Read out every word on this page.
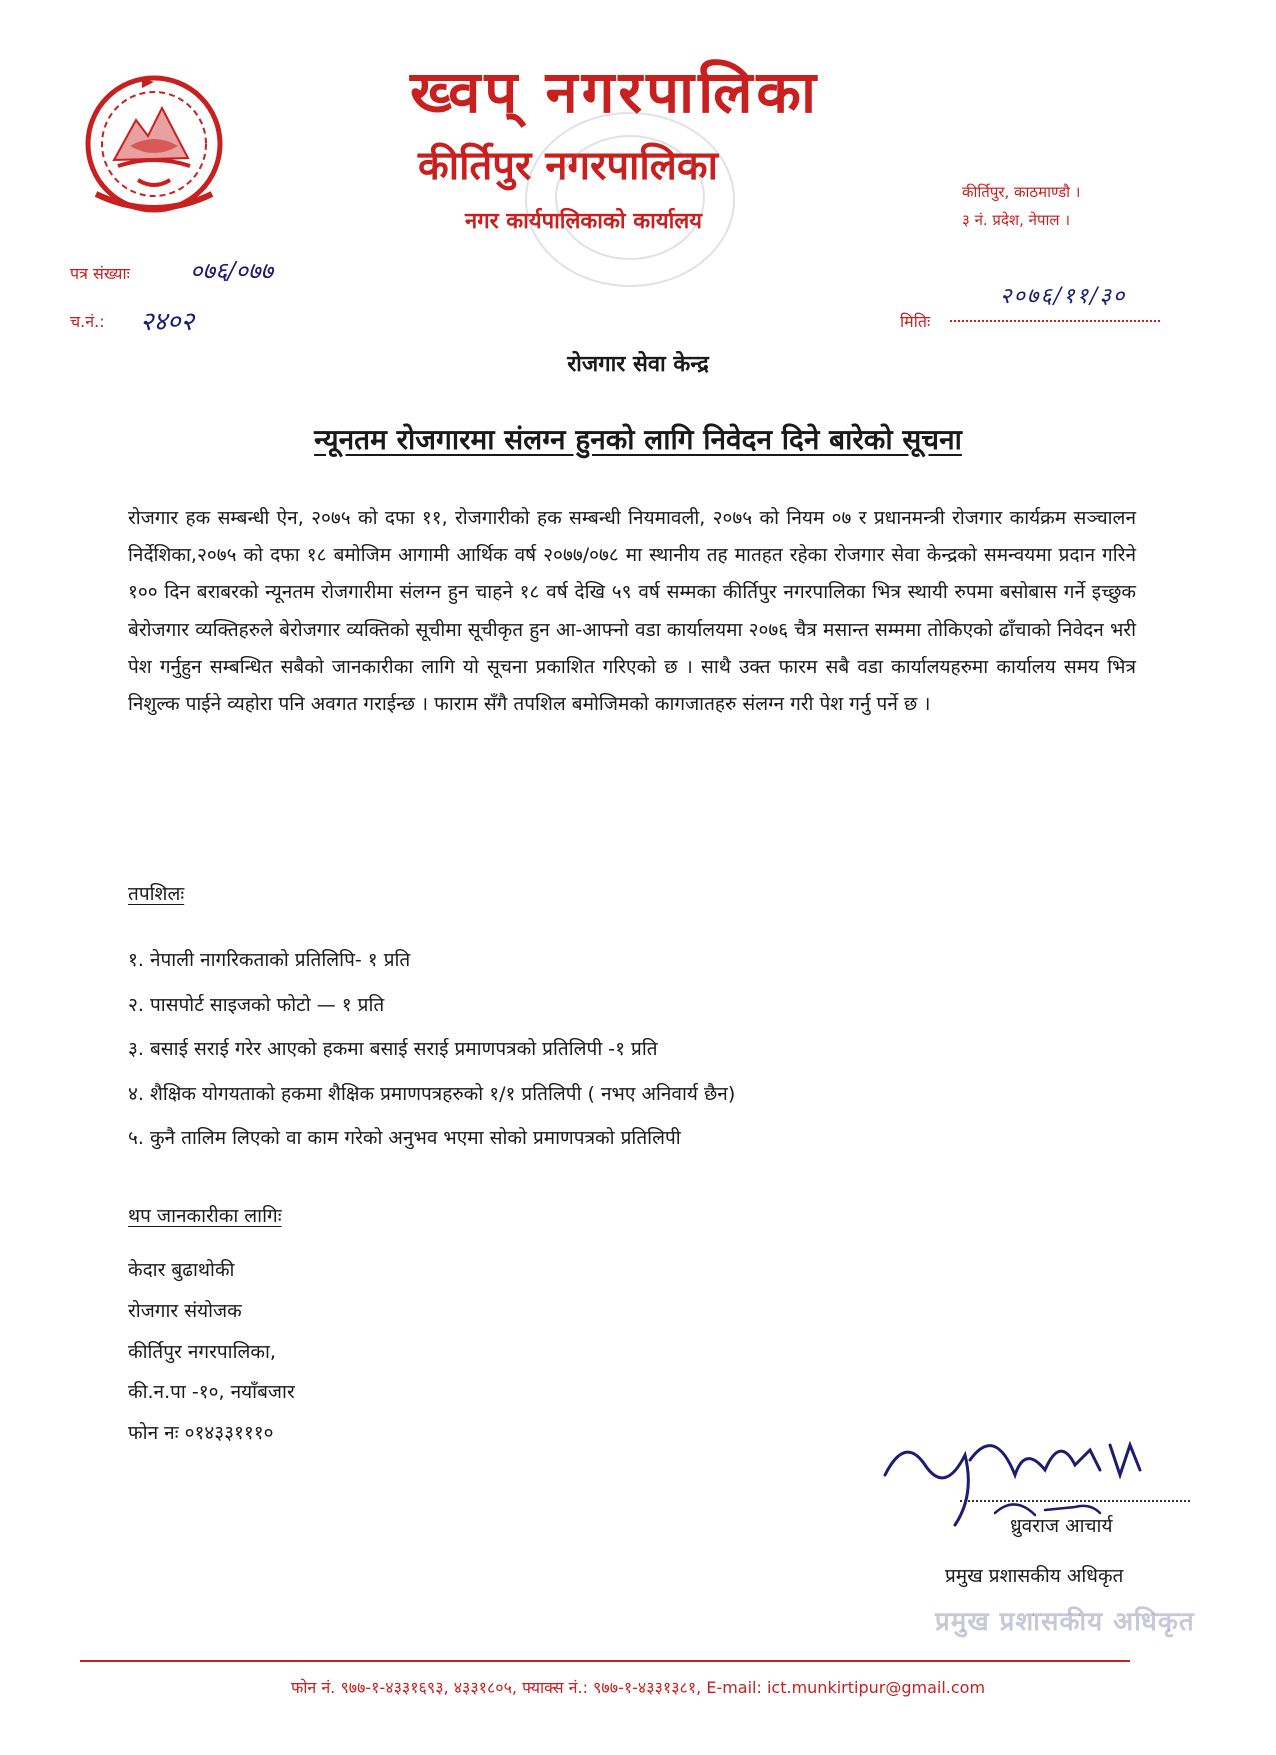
ख्वप् नगरपालिका
कीर्तिपुर नगरपालिका
नगर कार्यपालिकाको कार्यालय
कीर्तिपुर, काठमाण्डौ ।
३ नं. प्रदेश, नेपाल ।
पत्र संख्याः	०७६/०७७
च.नं.: २४०२
२०७६/११/३०
मितिः
रोजगार सेवा केन्द्र
न्यूनतम रोजगारमा संलग्न हुनको लागि निवेदन दिने बारेको सूचना

रोजगार हक सम्बन्धी ऐन, २०७५ को दफा ११, रोजगारीको हक सम्बन्धी नियमावली, २०७५ को नियम ०७ र प्रधानमन्त्री रोजगार कार्यक्रम सञ्चालन निर्देशिका,२०७५ को दफा १८ बमोजिम आगामी आर्थिक वर्ष २०७७/०७८ मा स्थानीय तह मातहत रहेका रोजगार सेवा केन्द्रको समन्वयमा प्रदान गरिने १०० दिन बराबरको न्यूनतम रोजगारीमा संलग्न हुन चाहने १८ वर्ष देखि ५९ वर्ष सम्मका कीर्तिपुर नगरपालिका भित्र स्थायी रुपमा बसोबास गर्ने इच्छुक बेरोजगार व्यक्तिहरुले बेरोजगार व्यक्तिको सूचीमा सूचीकृत हुन आ-आफ्नो वडा कार्यालयमा २०७६ चैत्र मसान्त सम्ममा तोकिएको ढाँचाको निवेदन भरी पेश गर्नुहुन सम्बन्धित सबैको जानकारीका लागि यो सूचना प्रकाशित गरिएको छ । साथै उक्त फारम सबै वडा कार्यालयहरुमा कार्यालय समय भित्र निशुल्क पाईने व्यहोरा पनि अवगत गराईन्छ । फाराम सँगै तपशिल बमोजिमको कागजातहरु संलग्न गरी पेश गर्नु पर्ने छ ।

तपशिलः
१. नेपाली नागरिकताको प्रतिलिपि- १ प्रति
२. पासपोर्ट साइजको फोटो — १ प्रति
३. बसाई सराई गरेर आएको हकमा बसाई सराई प्रमाणपत्रको प्रतिलिपी -१ प्रति
४. शैक्षिक योगयताको हकमा शैक्षिक प्रमाणपत्रहरुको १/१ प्रतिलिपी ( नभए अनिवार्य छैन)
५. कुनै तालिम लिएको वा काम गरेको अनुभव भएमा सोको प्रमाणपत्रको प्रतिलिपी
थप जानकारीका लागिः
केदार बुढाथोकी
रोजगार संयोजक
कीर्तिपुर नगरपालिका,
की.न.पा -१०, नयाँबजार
फोन नः ०१४३३१११०
ध्रुवराज आचार्य
प्रमुख प्रशासकीय अधिकृत
प्रमुख प्रशासकीय अधिकृत
फोन नं. ९७७-१-४३३१६९३, ४३३१८०५, फ्याक्स नं.: ९७७-१-४३३१३८१, E-mail: ict.munkirtipur@gmail.com
